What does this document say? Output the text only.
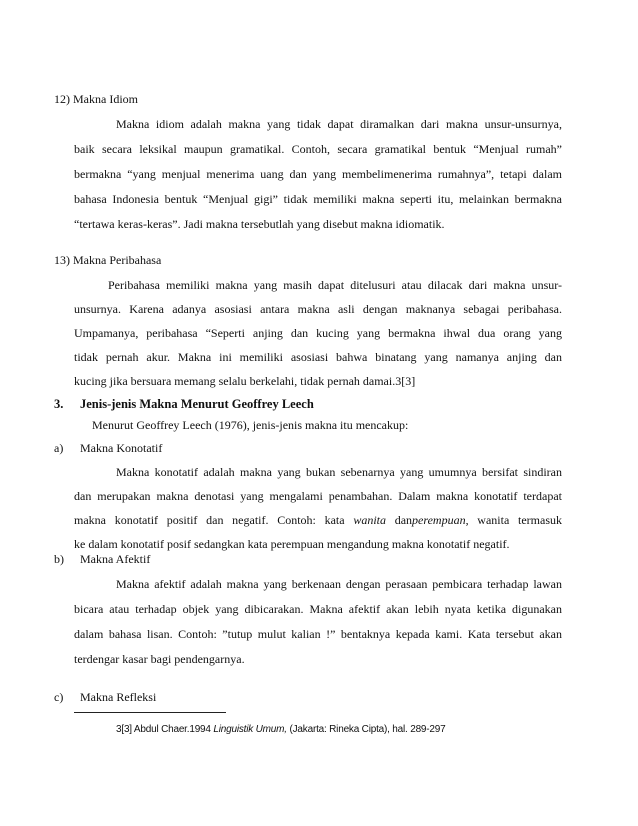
12) Makna Idiom
Makna idiom adalah makna yang tidak dapat diramalkan dari makna unsur-unsurnya,
baik secara leksikal maupun gramatikal. Contoh, secara gramatikal bentuk “Menjual rumah”
bermakna “yang menjual menerima uang dan yang membelimenerima rumahnya”, tetapi dalam
bahasa Indonesia bentuk “Menjual gigi” tidak memiliki makna seperti itu, melainkan bermakna
“tertawa keras-keras”. Jadi makna tersebutlah yang disebut makna idiomatik.
13) Makna Peribahasa
Peribahasa memiliki makna yang masih dapat ditelusuri atau dilacak dari makna unsur-
unsurnya. Karena adanya asosiasi antara makna asli dengan maknanya sebagai peribahasa.
Umpamanya, peribahasa “Seperti anjing dan kucing yang bermakna ihwal dua orang yang
tidak pernah akur. Makna ini memiliki asosiasi bahwa binatang yang namanya anjing dan
kucing jika bersuara memang selalu berkelahi, tidak pernah damai.3[3]
3. Jenis-jenis Makna Menurut Geoffrey Leech
Menurut Geoffrey Leech (1976), jenis-jenis makna itu mencakup:
a) Makna Konotatif
Makna konotatif adalah makna yang bukan sebenarnya yang umumnya bersifat sindiran
dan merupakan makna denotasi yang mengalami penambahan. Dalam makna konotatif terdapat
makna konotatif positif dan negatif. Contoh: kata wanita danperempuan, wanita termasuk
ke dalam konotatif posif sedangkan kata perempuan mengandung makna konotatif negatif.
b) Makna Afektif
Makna afektif adalah makna yang berkenaan dengan perasaan pembicara terhadap lawan
bicara atau terhadap objek yang dibicarakan. Makna afektif akan lebih nyata ketika digunakan
dalam bahasa lisan. Contoh: ”tutup mulut kalian !” bentaknya kepada kami. Kata tersebut akan
terdengar kasar bagi pendengarnya.
c) Makna Refleksi
3[3] Abdul Chaer.1994 Linguistik Umum, (Jakarta: Rineka Cipta), hal. 289-297
